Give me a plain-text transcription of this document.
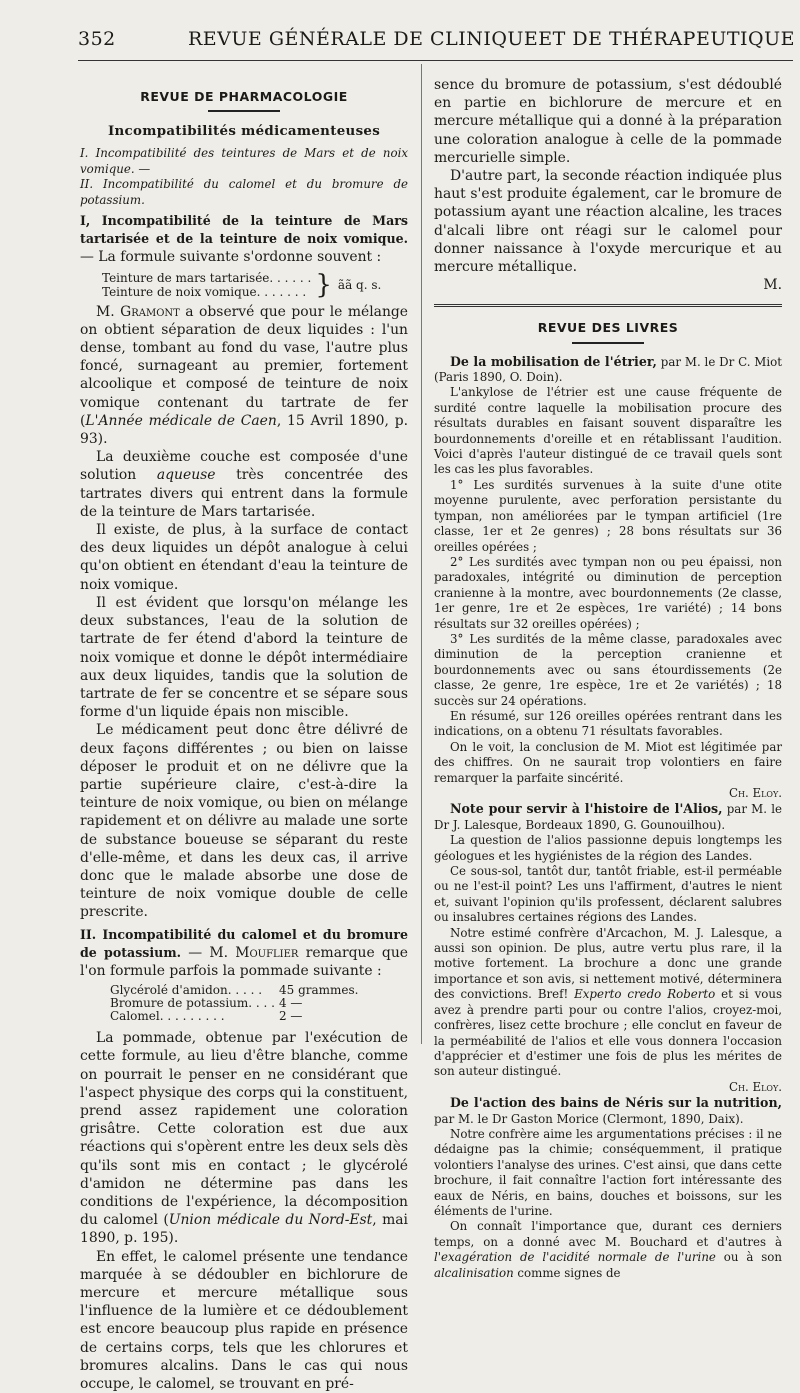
352	REVUE GÉNÉRALE DE CLINIQUEET DE THÉRAPEUTIQUE
REVUE DE PHARMACOLOGIE
Incompatibilités médicamenteuses

I. Incompatibilité des teintures de Mars et de noix vomique. —

II. Incompatibilité du calomel et du bromure de potassium.

I, Incompatibilité de la teinture de Mars tartarisée et de la teinture de noix vomique. — La formule suivante s'ordonne souvent :

Teinture de mars tartarisée. . . . . .
Teinture de noix vomique. . . . . . . } ãã q. s.

M. Gramont a observé que pour le mélange on obtient séparation de deux liquides : l'un dense, tombant au fond du vase, l'autre plus foncé, surnageant au premier, fortement alcoolique et composé de teinture de noix vomique contenant du tartrate de fer (L'Année médicale de Caen, 15 Avril 1890, p. 93).

La deuxième couche est composée d'une solution aqueuse très concentrée des tartrates divers qui entrent dans la formule de la teinture de Mars tartarisée.

Il existe, de plus, à la surface de contact des deux liquides un dépôt analogue à celui qu'on obtient en étendant d'eau la teinture de noix vomique.

Il est évident que lorsqu'on mélange les deux substances, l'eau de la solution de tartrate de fer étend d'abord la teinture de noix vomique et donne le dépôt intermédiaire aux deux liquides, tandis que la solution de tartrate de fer se concentre et se sépare sous forme d'un liquide épais non miscible.

Le médicament peut donc être délivré de deux façons différentes ; ou bien on laisse déposer le produit et on ne délivre que la partie supérieure claire, c'est-à-dire la teinture de noix vomique, ou bien on mélange rapidement et on délivre au malade une sorte de substance boueuse se séparant du reste d'elle-même, et dans les deux cas, il arrive donc que le malade absorbe une dose de teinture de noix vomique double de celle prescrite.

II. Incompatibilité du calomel et du bromure de potassium. — M. Mouflier remarque que l'on formule parfois la pommade suivante :

Glycérolé d'amidon. . . . .	45 grammes.
Bromure de potassium. . . .	4 —
Calomel. . . . . . . . .	2 —

La pommade, obtenue par l'exécution de cette formule, au lieu d'être blanche, comme on pourrait le penser en ne considérant que l'aspect physique des corps qui la constituent, prend assez rapidement une coloration grisâtre. Cette coloration est due aux réactions qui s'opèrent entre les deux sels dès qu'ils sont mis en contact ; le glycérolé d'amidon ne détermine pas dans les conditions de l'expérience, la décomposition du calomel (Union médicale du Nord-Est, mai 1890, p. 195).

En effet, le calomel présente une tendance marquée à se dédoubler en bichlorure de mercure et mercure métallique sous l'influence de la lumière et ce dédoublement est encore beaucoup plus rapide en présence de certains corps, tels que les chlorures et bromures alcalins. Dans le cas qui nous occupe, le calomel, se trouvant en pré-

sence du bromure de potassium, s'est dédoublé en partie en bichlorure de mercure et en mercure métallique qui a donné à la préparation une coloration analogue à celle de la pommade mercurielle simple.

D'autre part, la seconde réaction indiquée plus haut s'est produite également, car le bromure de potassium ayant une réaction alcaline, les traces d'alcali libre ont réagi sur le calomel pour donner naissance à l'oxyde mercurique et au mercure métallique.

M.
REVUE DES LIVRES

De la mobilisation de l'étrier, par M. le Dr C. Miot (Paris 1890, O. Doin).

L'ankylose de l'étrier est une cause fréquente de surdité contre laquelle la mobilisation procure des résultats durables en faisant souvent disparaître les bourdonnements d'oreille et en rétablissant l'audition. Voici d'après l'auteur distingué de ce travail quels sont les cas les plus favorables.

1° Les surdités survenues à la suite d'une otite moyenne purulente, avec perforation persistante du tympan, non améliorées par le tympan artificiel (1re classe, 1er et 2e genres) ; 28 bons résultats sur 36 oreilles opérées ;

2° Les surdités avec tympan non ou peu épaissi, non paradoxales, intégrité ou diminution de perception cranienne à la montre, avec bourdonnements (2e classe, 1er genre, 1re et 2e espèces, 1re variété) ; 14 bons résultats sur 32 oreilles opérées) ;

3° Les surdités de la même classe, paradoxales avec diminution de la perception cranienne et bourdonnements avec ou sans étourdissements (2e classe, 2e genre, 1re espèce, 1re et 2e variétés) ; 18 succès sur 24 opérations.

En résumé, sur 126 oreilles opérées rentrant dans les indications, on a obtenu 71 résultats favorables.

On le voit, la conclusion de M. Miot est légitimée par des chiffres. On ne saurait trop volontiers en faire remarquer la parfaite sincérité.

Ch. Eloy.

Note pour servir à l'histoire de l'Alios, par M. le Dr J. Lalesque, Bordeaux 1890, G. Gounouilhou).

La question de l'alios passionne depuis longtemps les géologues et les hygiénistes de la région des Landes.

Ce sous-sol, tantôt dur, tantôt friable, est-il perméable ou ne l'est-il point? Les uns l'affirment, d'autres le nient et, suivant l'opinion qu'ils professent, déclarent salubres ou insalubres certaines régions des Landes.

Notre estimé confrère d'Arcachon, M. J. Lalesque, a aussi son opinion. De plus, autre vertu plus rare, il la motive fortement. La brochure a donc une grande importance et son avis, si nettement motivé, déterminera des convictions. Bref! Experto credo Roberto et si vous avez à prendre parti pour ou contre l'alios, croyez-moi, confrères, lisez cette brochure ; elle conclut en faveur de la perméabilité de l'alios et elle vous donnera l'occasion d'apprécier et d'estimer une fois de plus les mérites de son auteur distingué.

Ch. Eloy.

De l'action des bains de Néris sur la nutrition, par M. le Dr Gaston Morice (Clermont, 1890, Daix).

Notre confrère aime les argumentations précises : il ne dédaigne pas la chimie; conséquemment, il pratique volontiers l'analyse des urines. C'est ainsi, que dans cette brochure, il fait connaître l'action fort intéressante des eaux de Néris, en bains, douches et boissons, sur les éléments de l'urine.

On connaît l'importance que, durant ces derniers temps, on a donné avec M. Bouchard et d'autres à l'exagération de l'acidité normale de l'urine ou à son alcalinisation comme signes de
